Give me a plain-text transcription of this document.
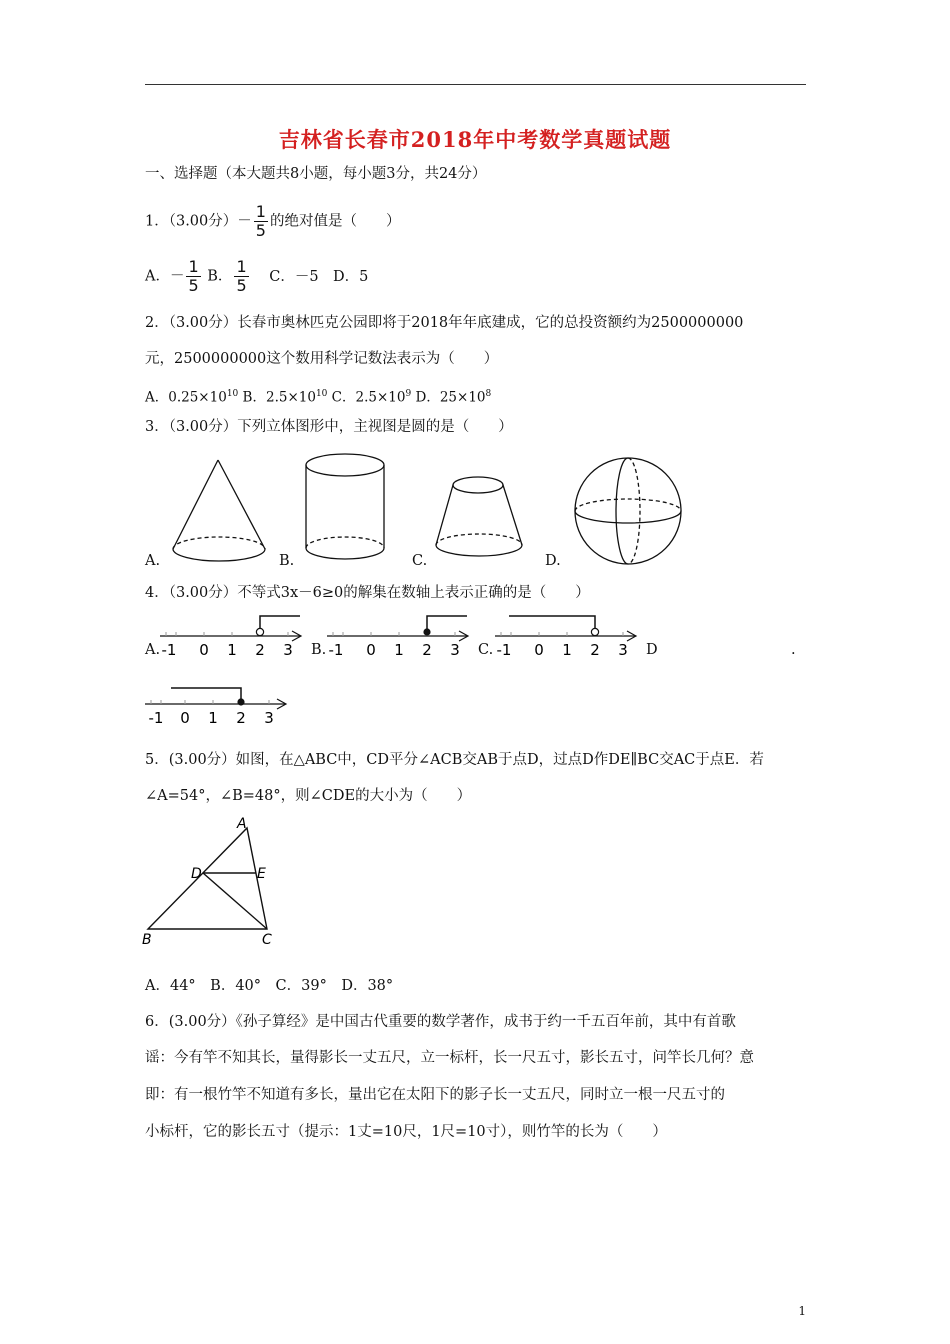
吉林省长春市2018年中考数学真题试题
一、选择题（本大题共8小题，每小题3分，共24分）
1．（3.00分）－ $\frac{1}{5}$ 的绝对值是（　　）
A．－ $\frac{1}{5}$ B． $\frac{1}{5}$ C．－5　D．5
2．（3.00分）长春市奥林匹克公园即将于2018年年底建成，它的总投资额约为2500000000
元，2500000000这个数用科学记数法表示为（　　）
A．$0.25\times 10^{10}$ B．$2.5\times 10^{10}$ C．$2.5\times 10^9$ D．$25\times 10^8$
3．（3.00分）下列立体图形中，主视图是圆的是（　　）
A.	B.	C.	D.
4．（3.00分）不等式3x－6≥0的解集在数轴上表示正确的是（　　）
A. -1 0 1 2 3 B. -1 0 1 2 3 C. -1 0 1 2 3 D	.
-1 0 1 2 3
5．(3.00分）如图，在△ABC中，CD平分∠ACB交AB于点D，过点D作DE∥BC交AC于点E．若
∠A=54°，∠B=48°，则∠CDE的大小为（　　）
A
B	C
D	E
A．44°　B．40°　C．39°　D．38°
6．(3.00分）《孙子算经》是中国古代重要的数学著作，成书于约一千五百年前，其中有首歌
谣：今有竿不知其长，量得影长一丈五尺，立一标杆，长一尺五寸，影长五寸，问竿长几何？意
即：有一根竹竿不知道有多长，量出它在太阳下的影子长一丈五尺，同时立一根一尺五寸的
小标杆，它的影长五寸（提示：1丈=10尺，1尺=10寸），则竹竿的长为（　　）
1
